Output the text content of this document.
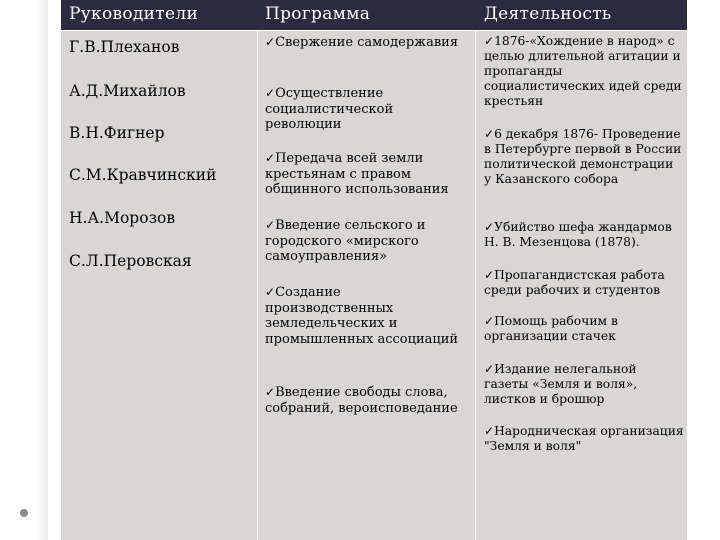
Руководители	Программа	Деятельность
Г.В.Плеханов
А.Д.Михайлов
В.Н.Фигнер
С.М.Кравчинский
Н.А.Морозов
С.Л.Перовская
✓Свержение самодержавия
✓Осуществление социалистической революции
✓Передача всей земли крестьянам с правом общинного использования
✓Введение сельского и городского «мирского самоуправления»
✓Создание производственных земледельческих и промышленных ассоциаций
✓Введение свободы слова, собраний, вероисповедание
✓1876-«Хождение в народ» с целью длительной агитации и пропаганды социалистических идей среди крестьян
✓6 декабря 1876- Проведение в Петербурге первой в России политической демонстрации у Казанского собора
✓Убийство шефа жандармов Н. В. Мезенцова (1878).
✓Пропагандистская работа среди рабочих и студентов
✓Помощь рабочим в организации стачек
✓Издание нелегальной газеты «Земля и воля», листков и брошюр
✓Народническая организация "Земля и воля"
